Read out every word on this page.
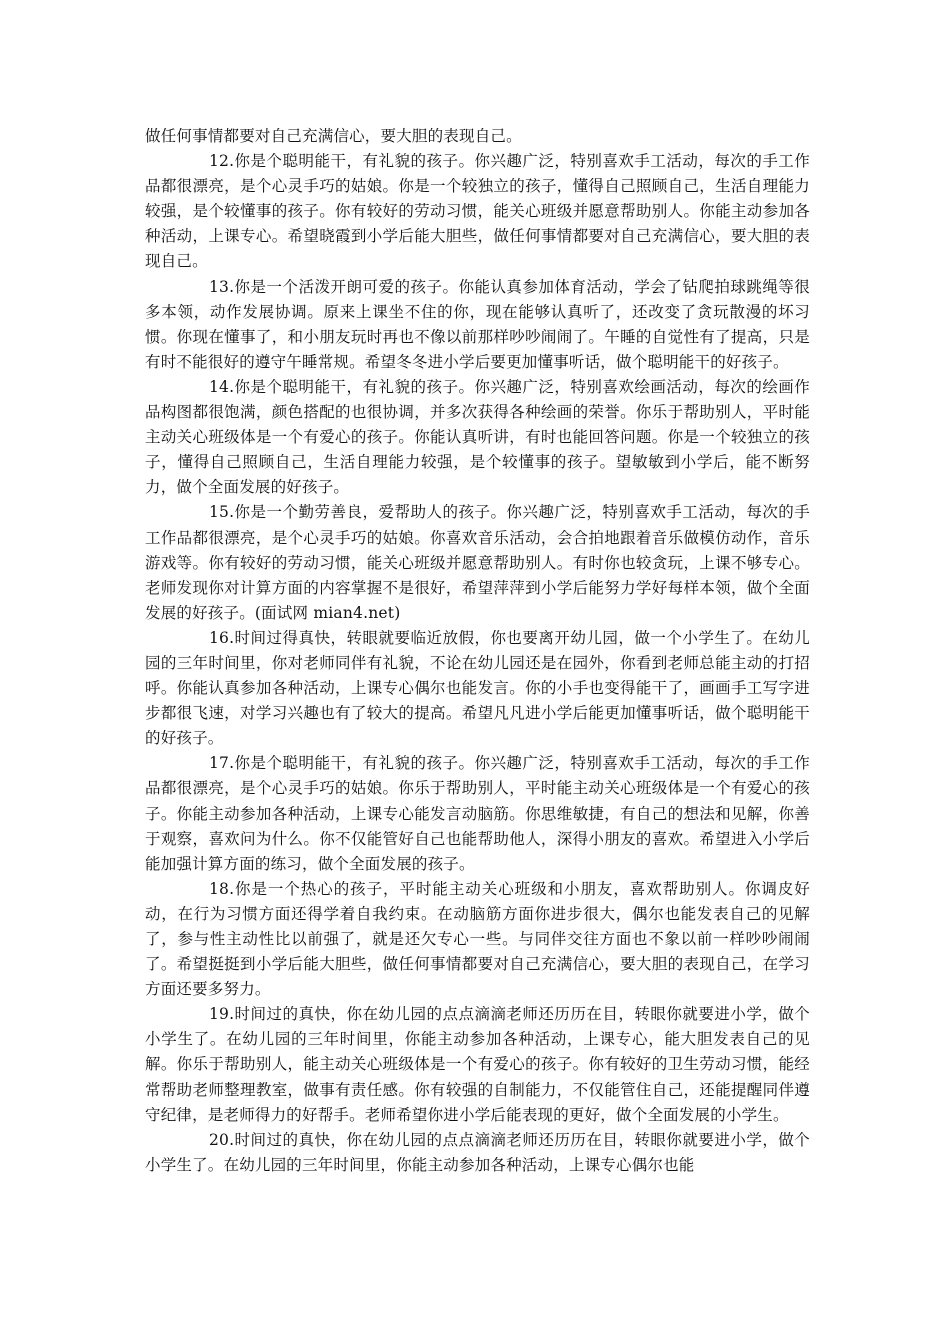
做任何事情都要对自己充满信心，要大胆的表现自己。

12.你是个聪明能干，有礼貌的孩子。你兴趣广泛，特别喜欢手工活动，每次的手工作品都很漂亮，是个心灵手巧的姑娘。你是一个较独立的孩子，懂得自己照顾自己，生活自理能力较强，是个较懂事的孩子。你有较好的劳动习惯，能关心班级并愿意帮助别人。你能主动参加各种活动，上课专心。希望晓霞到小学后能大胆些，做任何事情都要对自己充满信心，要大胆的表现自己。

13.你是一个活泼开朗可爱的孩子。你能认真参加体育活动，学会了钻爬拍球跳绳等很多本领，动作发展协调。原来上课坐不住的你，现在能够认真听了，还改变了贪玩散漫的坏习惯。你现在懂事了，和小朋友玩时再也不像以前那样吵吵闹闹了。午睡的自觉性有了提高，只是有时不能很好的遵守午睡常规。希望冬冬进小学后要更加懂事听话，做个聪明能干的好孩子。

14.你是个聪明能干，有礼貌的孩子。你兴趣广泛，特别喜欢绘画活动，每次的绘画作品构图都很饱满，颜色搭配的也很协调，并多次获得各种绘画的荣誉。你乐于帮助别人，平时能主动关心班级体是一个有爱心的孩子。你能认真听讲，有时也能回答问题。你是一个较独立的孩子，懂得自己照顾自己，生活自理能力较强，是个较懂事的孩子。望敏敏到小学后，能不断努力，做个全面发展的好孩子。

15.你是一个勤劳善良，爱帮助人的孩子。你兴趣广泛，特别喜欢手工活动，每次的手工作品都很漂亮，是个心灵手巧的姑娘。你喜欢音乐活动，会合拍地跟着音乐做模仿动作，音乐游戏等。你有较好的劳动习惯，能关心班级并愿意帮助别人。有时你也较贪玩，上课不够专心。老师发现你对计算方面的内容掌握不是很好，希望萍萍到小学后能努力学好每样本领，做个全面发展的好孩子。(面试网 mian4.net)

16.时间过得真快，转眼就要临近放假，你也要离开幼儿园，做一个小学生了。在幼儿园的三年时间里，你对老师同伴有礼貌，不论在幼儿园还是在园外，你看到老师总能主动的打招呼。你能认真参加各种活动，上课专心偶尔也能发言。你的小手也变得能干了，画画手工写字进步都很飞速，对学习兴趣也有了较大的提高。希望凡凡进小学后能更加懂事听话，做个聪明能干的好孩子。

17.你是个聪明能干，有礼貌的孩子。你兴趣广泛，特别喜欢手工活动，每次的手工作品都很漂亮，是个心灵手巧的姑娘。你乐于帮助别人，平时能主动关心班级体是一个有爱心的孩子。你能主动参加各种活动，上课专心能发言动脑筋。你思维敏捷，有自己的想法和见解，你善于观察，喜欢问为什么。你不仅能管好自己也能帮助他人，深得小朋友的喜欢。希望进入小学后能加强计算方面的练习，做个全面发展的孩子。

18.你是一个热心的孩子，平时能主动关心班级和小朋友，喜欢帮助别人。你调皮好动，在行为习惯方面还得学着自我约束。在动脑筋方面你进步很大，偶尔也能发表自己的见解了，参与性主动性比以前强了，就是还欠专心一些。与同伴交往方面也不象以前一样吵吵闹闹了。希望挺挺到小学后能大胆些，做任何事情都要对自己充满信心，要大胆的表现自己，在学习方面还要多努力。

19.时间过的真快，你在幼儿园的点点滴滴老师还历历在目，转眼你就要进小学，做个小学生了。在幼儿园的三年时间里，你能主动参加各种活动，上课专心，能大胆发表自己的见解。你乐于帮助别人，能主动关心班级体是一个有爱心的孩子。你有较好的卫生劳动习惯，能经常帮助老师整理教室，做事有责任感。你有较强的自制能力，不仅能管住自己，还能提醒同伴遵守纪律，是老师得力的好帮手。老师希望你进小学后能表现的更好，做个全面发展的小学生。

20.时间过的真快，你在幼儿园的点点滴滴老师还历历在目，转眼你就要进小学，做个小学生了。在幼儿园的三年时间里，你能主动参加各种活动，上课专心偶尔也能
